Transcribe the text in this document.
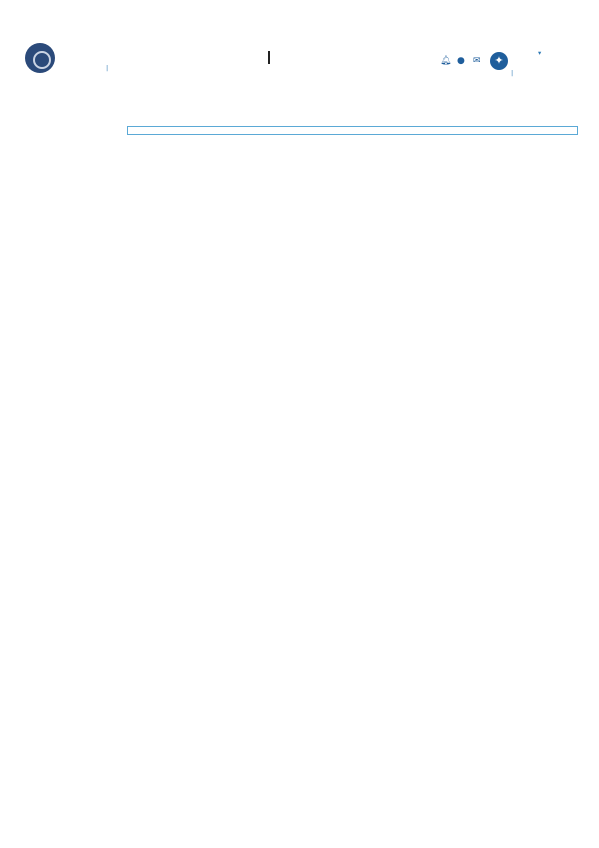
|
🔔︎ ● ✉	✦
▾
|
